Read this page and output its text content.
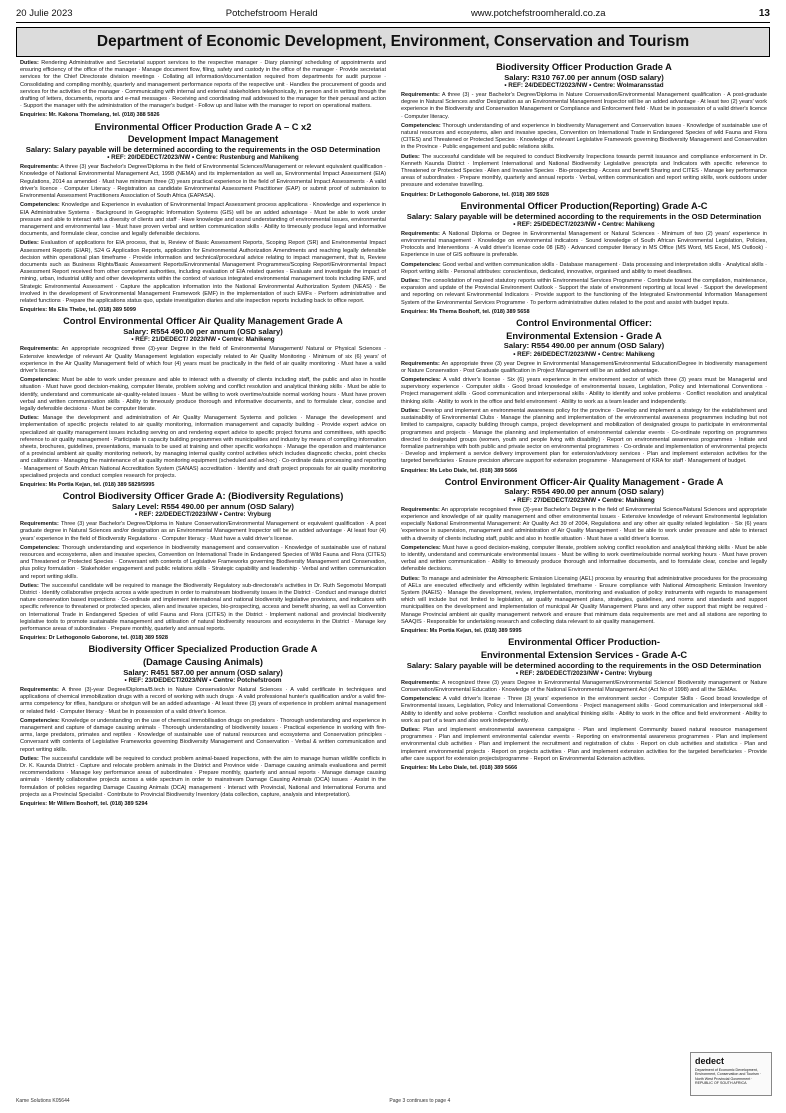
20 Julie 2023	Potchefstroom Herald	www.potchefstroomherald.co.za	13
Department of Economic Development, Environment, Conservation and Tourism

Duties: Rendering Administrative and Secretarial support services to the respective manager · Diary planning/ scheduling of appointments and ensuring efficiency of the office of the manager · Manage document flow, filing, safety and custody in the office of the manager · Provide secretariat services for the Chief Directorate division meetings · Collating all information/documentation required from departments for audit purpose · Consolidating and compiling monthly, quarterly and management performance reports of the respective unit · Handles the procurement of goods and services for the activities of the manager · Communicating with internal and external stakeholders telephonically, in person and in writing through the drafting of letters, documents, reports and e-mail messages · Receiving and coordinating mail addressed to the manager for their perusal and action · Support the manager with the administration of the manager's budget · Follow up and liaise with the manager to report on operational matters.

Enquiries: Mr. Kakona Thomelang, tel. (018) 388 5826

Environmental Officer Production Grade A – C x2
Development Impact Management
Salary: Salary payable will be determined according to the requirements in the OSD Determination
• REF: 20/DEDECT/2023/NW • Centre: Rustenburg and Mahikeng

Requirements: A three (3) year Bachelor's Degree/Diploma in the field of Environmental Sciences/Management or relevant equivalent qualification · Knowledge of National Environmental Management Act, 1998 (NEMA) and its implementation as well as, Environmental Impact Assessment (EIA) Regulations, 2014 as amended · Must have minimum three (3) years practical experience in the field of Environmental Impact Assessments · A valid driver's licence · Computer Literacy · Registration as candidate Environmental Assessment Practitioner (EAP) or submit proof of submission to Environmental Assessment Practitioners Association of South Africa (EAPASA).

Competencies: Knowledge and Experience in evaluation of Environmental Impact Assessment process applications · Knowledge and experience in EIA Administrative Systems · Background in Geographic Information Systems (GIS) will be an added advantage · Must be able to work under pressure and able to interact with a diversity of clients and staff · Have knowledge and sound understanding of environmental issues, environmental management and environmental law · Must have proven verbal and written communication skills · Ability to timeously produce legal and informative documents, and formulate clear, concise and legally defensible decisions.

Duties: Evaluation of applications for EIA process, that is, Review of Basic Assessment Reports, Scoping Report (SR) and Environmental Impact Assessment Reports (EIAR), S24 G Application Reports, application for Environmental Authorization Amendments and reaching legally defensible decision within operational plan timeframe · Provide information and technical/procedural advice relating to impact management, that is, Review documents such as Business Rights/Basic Assessment Reports/Environmental Management Programmes/Scoping Report/Environmental Impact Assessment Report received from other competent authorities, including evaluation of EIA related queries · Evaluate and investigate the impact of mining, urban, industrial utility and other developments within the context of various integrated environmental management tools including EMF, and Strategic Environmental Assessment · Capture the application information into the National Environmental Authorization System (NEAS) · Be involved in the development of Environmental Management Framework (EMF) in the implementation of such EMFs · Perform administrative and related functions · Prepare the applications status quo, update investigation diaries and site inspection reports including back to office report.

Enquiries: Ms Elis Thebe, tel. (018) 389 5099

Control Environmental Officer Air Quality Management Grade A
Salary: R554 490.00 per annum (OSD salary)
• REF: 21/DEDECT/ 2023/NW • Centre: Mahikeng

Requirements: An appropriate recognized three (3)-year Degree in the field of Environmental Management/ Natural or Physical Sciences · Extensive knowledge of relevant Air Quality Management legislation especially related to Air Quality Monitoring · Minimum of six (6) years' of experience in the Air Quality Management field of which four (4) years must be practically in the field of air quality monitoring · Must have a valid driver's license.

Competencies: Must be able to work under pressure and able to interact with a diversity of clients including staff, the public and also in hostile situation · Must have good decision-making, computer literate, problem solving and conflict resolution and analytical thinking skills · Must be able to identify, understand and communicate air-quality-related issues · Must be willing to work overtime/outside normal working hours · Must have proven verbal and written communication skills · Ability to timeously produce thorough and informative documents, and to formulate clear, concise and legally defensible decisions · Must be computer literate.

Duties: Manage the development and administration of Air Quality Management Systems and policies · Manage the development and implementation of specific projects related to air quality monitoring, information management and capacity building · Provide expert advice on specialized air quality management issues including serving on and rendering expert advice to specific project forums and committees, with specific reference to air quality management · Participate in capacity building programmes with municipalities and industry by means of compiling information sheets, brochures, guidelines, presentations, manuals to be used at training and other specific workshops · Manage the operation and maintenance of a provincial ambient air quality monitoring network, by managing internal quality control activities which includes diagnostic checks, point checks and calibrations · Managing the maintenance of air quality monitoring equipment (scheduled and ad-hoc) · Co-ordinate data processing and reporting · Management of South African National Accreditation System (SANAS) accreditation · Identify and draft project proposals for air quality monitoring specialised projects and conduct complex research for projects.

Enquiries: Ms Portia Kejan, tel. (018) 389 5829/5995

Control Biodiversity Officer Grade A: (Biodiversity Regulations)
Salary Level: R554 490.00 per annum (OSD Salary)
• REF: 22/DEDECT/2023/NW • Centre: Vryburg

Requirements: Three (3) year Bachelor's Degree/Diploma in Nature Conservation/Environmental Management or equivalent qualification · A post graduate degree in Natural Sciences and/or designation as an Environmental Management Inspector will be an added advantage · At least four (4) years' experience in the field of Biodiversity Regulations · Computer literacy · Must have a valid driver's license.

Competencies: Thorough understanding and experience in biodiversity management and conservation · Knowledge of sustainable use of natural resources and ecosystems, alien and invasive species, Convention on International Trade in Endangered Species of Wild Fauna and Flora (CITES) and Threatened or Protected Species · Conversant with contents of Legislative Frameworks governing Biodiversity Management and Conservation, plus policy formulation · Stakeholder engagement and public relations skills · Strategic capability and leadership · Verbal and written communication and report writing skills.

Duties: The successful candidate will be required to manage the Biodiversity Regulatory sub-directorate's activities in Dr. Ruth Segomotsi Mompati District · Identify collaborative projects across a wide spectrum in order to mainstream biodiversity issues in the District · Conduct and manage district nature conservation based inspections · Co-ordinate and implement international and national biodiversity legislative provisions, and indicators with specific reference to threatened or protected species, alien and invasive species, bio-prospecting, access and benefit sharing, as well as Convention on International Trade in Endangered Species of wild Fauna and Flora (CITES) in the District · Implement national and provincial biodiversity legislative tools to promote sustainable management and utilisation of natural biodiversity resources and ecosystems in the District · Manage key performance areas of subordinates · Prepare monthly, quarterly and annual reports.

Enquiries: Dr Lethogonolo Gaborone, tel. (018) 389 5928

Biodiversity Officer Specialized Production Grade A
(Damage Causing Animals)
Salary: R451 587.00 per annum (OSD salary)
• REF: 23/DEDECT/2023/NW • Centre: Potchefstroom

Requirements: A three (3)-year Degree/Diploma/B.tech in Nature Conservation/or Natural Sciences · A valid certificate in techniques and applications of chemical immobilization drugs with a record of working with such drugs · A valid professional hunter's qualification and/or a valid fire-arms competency for rifles, handguns or shotgun will be an added advantage · At least three (3) years of experience in problem animal management or related field · Computer literacy · Must be in possession of a valid driver's licence.

Competencies: Knowledge or understanding on the use of chemical immobilisation drugs on predators · Thorough understanding and experience in management and capture of damage causing animals · Thorough understanding of biodiversity issues · Practical experience in working with fire-arms, large predators, primates and reptiles · Knowledge of sustainable use of natural resources and ecosystems and Conservation principles · Conversant with contents of Legislative Frameworks governing Biodiversity Management and Conservation · Verbal & written communication and report writing skills.

Duties: The successful candidate will be required to conduct problem animal-based inspections, with the aim to manage human wildlife conflicts in Dr. K. Kaunda District · Capture and relocate problem animals in the District and Province wide · Damage causing animals evaluations and permit recommendations · Manage key performance areas of subordinates · Prepare monthly, quarterly and annual reports · Manage damage causing animals · Identify collaborative projects across a wide spectrum in order to mainstream Damage Causing Animals (DCA) issues · Assist in the formulation of policies regarding Damage Causing Animals (DCA) management · Interact with Provincial, National and International Forums and projects as a Provincial Specialist · Contribute to Provincial Biodiversity Inventory (data collection, capture, analysis and interpretation).

Enquiries: Mr Willem Boshoff, tel. (018) 389 5294

Biodiversity Officer Production Grade A
Salary: R310 767.00 per annum (OSD salary)
• REF: 24/DEDECT/2023/NW • Centre: Wolmaransstad

Requirements: A three (3) - year Bachelor's Degree/Diploma in Nature Conservation/Environmental Management qualification · A post-graduate degree in Natural Sciences and/or Designation as an Environmental Management Inspector will be an added advantage · At least two (2) years' work experience in the Biodiversity and Conservation Management or Compliance and Enforcement field · Must be in possession of a valid driver's licence · Computer literacy.

Competencies: Thorough understanding of and experience in biodiversity Management and Conservation issues · Knowledge of sustainable use of natural resources and ecosystems, alien and invasive species, Convention on International Trade in Endangered Species of wild Fauna and Flora (CITES) and Threatened or Protected Species · Knowledge of relevant Legislative Framework governing Biodiversity Management and Conservation in the Province · Public engagement and public relations skills.

Duties: The successful candidate will be required to conduct Biodiversity Inspections towards permit issuance and compliance enforcement in Dr. Kenneth Kaunda District · Implement International and National Biodiversity Legislative prescripts and Indicators with specific reference to Threatened or Protected Species · Alien and Invasive Species · Bio-prospecting · Access and benefit Sharing and CITES · Manage key performance areas of subordinates · Prepare monthly, quarterly and annual reports · Verbal, written communication and report writing skills, work outdoors under pressure and extensive travelling.

Enquiries: Dr Lethogonolo Gaborone, tel. (018) 389 5928

Environmental Officer Production(Reporting) Grade A-C
Salary: Salary payable will be determined according to the requirements in the OSD Determination
• REF: 25/DEDECT/2023/NW • Centre: Mahikeng

Requirements: A National Diploma or Degree in Environmental Management or Natural Sciences · Minimum of two (2) years' experience in environmental management · Knowledge on environmental indicators · Sound knowledge of South African Environmental Legislation, Policies, Protocols and Interventions · A valid driver's license code 08 (EB) · Advanced computer literacy in MS Office (MS Word, MS Excel, MS Outlook) · Experience in use of GIS software is preferable.

Competencies: Good verbal and written communication skills · Database management · Data processing and interpretation skills · Analytical skills · Report writing skills · Personal attributes: conscientious, dedicated, innovative, organised and ability to meet deadlines.

Duties: The consolidation of required statutory reports within Environmental Services Programme · Contribute toward the compilation, maintenance, expansion and update of the Provincial Environment Outlook · Support the state of environment reporting at local level · Support the development and reporting on relevant Environmental Indicators · Provide support to the functioning of the Integrated Environmental Information Management System of the Environmental Services Programme · To perform administrative duties related to the post and assist with budget inputs.

Enquiries: Ms Thema Boshoff, tel. (018) 389 5658

Control Environmental Officer:
Environmental Extension - Grade A
Salary: R554 490.00 per annum (OSD Salary)
• REF: 26/DEDECT/2023/NW • Centre: Mahikeng

Requirements: An appropriate three (3) year Degree in Environmental Management/Environmental Education/Degree in biodiversity management or Nature Conservation · Post Graduate qualification in Project Management will be an added advantage.

Competencies: A valid driver's license · Six (6) years experience in the environment sector of which three (3) years must be Managerial and supervisory experience · Computer skills · Good broad knowledge of environmental issues, Legislation, Policy and International Conventions · Project management skills · Good communication and interpersonal skills · Ability to identify and solve problems · Conflict resolution and analytical thinking skills · Ability to work in the office and field environment · Ability to work as a team leader and independently.

Duties: Develop and implement an environmental awareness policy for the province · Develop and implement a strategy for the establishment and sustainability of Environmental Clubs · Manage the planning and implementation of the environmental awareness programmes including but not limited to campaigns, capacity building through camps, project development and mobilization of designated groups to participate in environmental programmes and projects · Manage the planning and implementation of environmental calendar events · Co-ordinate reporting on programmes directed to designated groups (women, youth and people living with disability) · Report on environmental awareness programmes · Initiate and formalize partnerships with both public and private sector on environmental programmes · Co-ordinate and implementation of environmental projects · Develop and implement a service delivery improvement plan for extension/advisory services · Plan and implement extension activities for the targeted beneficiaries · Ensure precision aftercare support for extension programme · Management of KRA for staff · Management of budget.

Enquiries: Ms Lebo Diale, tel. (018) 389 5666

Control Environment Officer-Air Quality Management - Grade A
Salary: R554 490.00 per annum (OSD salary)
• REF: 27/DEDECT/2023/NW • Centre: Mahikeng

Requirements: An appropriate recognised three (3)-year Bachelor's Degree in the field of Environmental Science/Natural Sciences and appropriate experience and knowledge of air quality management and other environmental issues · Extensive knowledge of relevant Environmental legislation especially National Environmental Management: Air Quality Act 39 of 2004, Regulations and any other air quality related legislation · Six (6) years 'experience in supervision, management and administration of Air Quality Management · Must be able to work under pressure and able to interact with a diversity of clients including staff, public and also in hostile situation · Must have a valid driver's license.

Competencies: Must have a good decision-making, computer literate, problem solving conflict resolution and analytical thinking skills · Must be able to identify, understand and communicate environmental issues · Must be willing to work overtime/outside normal working hours · Must have proven verbal and written communication · Ability to timeously produce thorough and informative documents, and to formulate clear, concise and legally defensible decisions.

Duties: To manage and administer the Atmospheric Emission Licensing (AEL) process by ensuring that administrative procedures for the processing of AELs are executed effectively and efficiently within legislated timeframe · Ensure compliance with National Atmospheric Emission Inventory System (NAEIS) · Manage the development, review, implementation, monitoring and evaluation of policy instruments with regards to management which will include but not limited to legislation, air quality management plans, strategies, guidelines, and norms and standards and support municipalities on the development and implementation of municipal Air Quality Management Plans and any other support that might be required · Manage Provincial ambient air quality management network and ensure that minimum data requirements are met and all stations are reporting to SAAQIS · Responsible for undertaking research and collecting data relevant to air quality management.

Enquiries: Ms Portia Kejan, tel. (018) 389 5995

Environmental Officer Production-
Environmental Extension Services - Grade A-C
Salary: Salary payable will be determined according to the requirements in the OSD Determination
• REF: 28/DEDECT/2023/NW • Centre: Vryburg

Requirements: A recognized three (3) years Degree in Environmental Management/Environmental Science/ Biodiversity management or Nature Conservation/Environmental Education · Knowledge of the National Environmental Management Act (Act No of 1998) and all the SEMAs.

Competencies: A valid driver's license · Three (3) years' experience in the environment sector · Computer Skills · Good broad knowledge of Environmental issues, Legislation, Policy and International Conventions · Project management skills · Good communication and interpersonal skill · Ability to identify and solve problems · Conflict resolution and analytical thinking skills · Ability to work in the office and field environment · Ability to work as part of a team and also work independently.

Duties: Plan and implement environmental awareness campaigns · Plan and implement Community based natural resource management programmes · Plan and implement environmental calendar events · Reporting on environmental awareness programmes · Plan and implement environmental club activities · Plan and implement the recruitment and registration of clubs · Report on club activities and statistics · Plan and implement environmental projects · Report on projects activities · Plan and implement extension activities for the targeted beneficiaries · Provide after care support for extension projects/programme · Report on Environmental Extension activities.

Enquiries: Ms Lebo Diale, tel. (018) 389 5666

dedect
Department of Economic Development, Environment, Conservation and Tourism · North West Provincial Government · REPUBLIC OF SOUTH AFRICA
Kame Solutions K05644	Page 3 continues to page 4
